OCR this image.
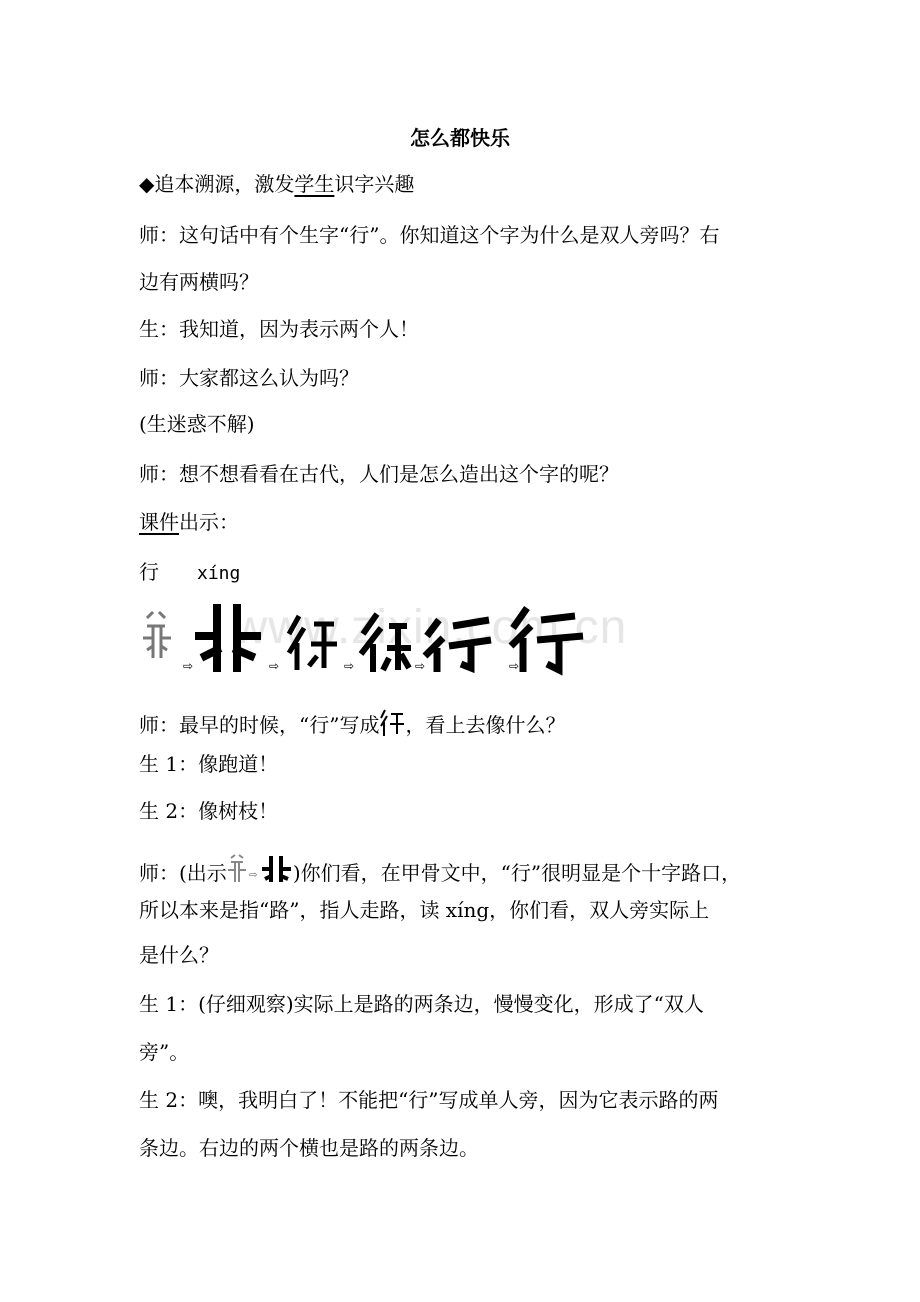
www.zixin.com.cn
怎么都快乐
◆追本溯源，激发学生识字兴趣
师：这句话中有个生字“行”。你知道这个字为什么是双人旁吗？右
边有两横吗？
生：我知道，因为表示两个人！
师：大家都这么认为吗？
(生迷惑不解)
师：想不想看看在古代，人们是怎么造出这个字的呢？
课件出示：
行 xíng
⇨	⇨	⇨	⇨	⇨
师：最早的时候，“行”写成 ，看上去像什么？
生 1：像跑道！
生 2：像树枝！
师：(出示 ⇨ )你们看，在甲骨文中，“行”很明显是个十字路口，
所以本来是指“路”，指人走路，读 xíng，你们看，双人旁实际上
是什么？
生 1：(仔细观察)实际上是路的两条边，慢慢变化，形成了“双人
旁”。
生 2：噢，我明白了！不能把“行”写成单人旁，因为它表示路的两
条边。右边的两个横也是路的两条边。
